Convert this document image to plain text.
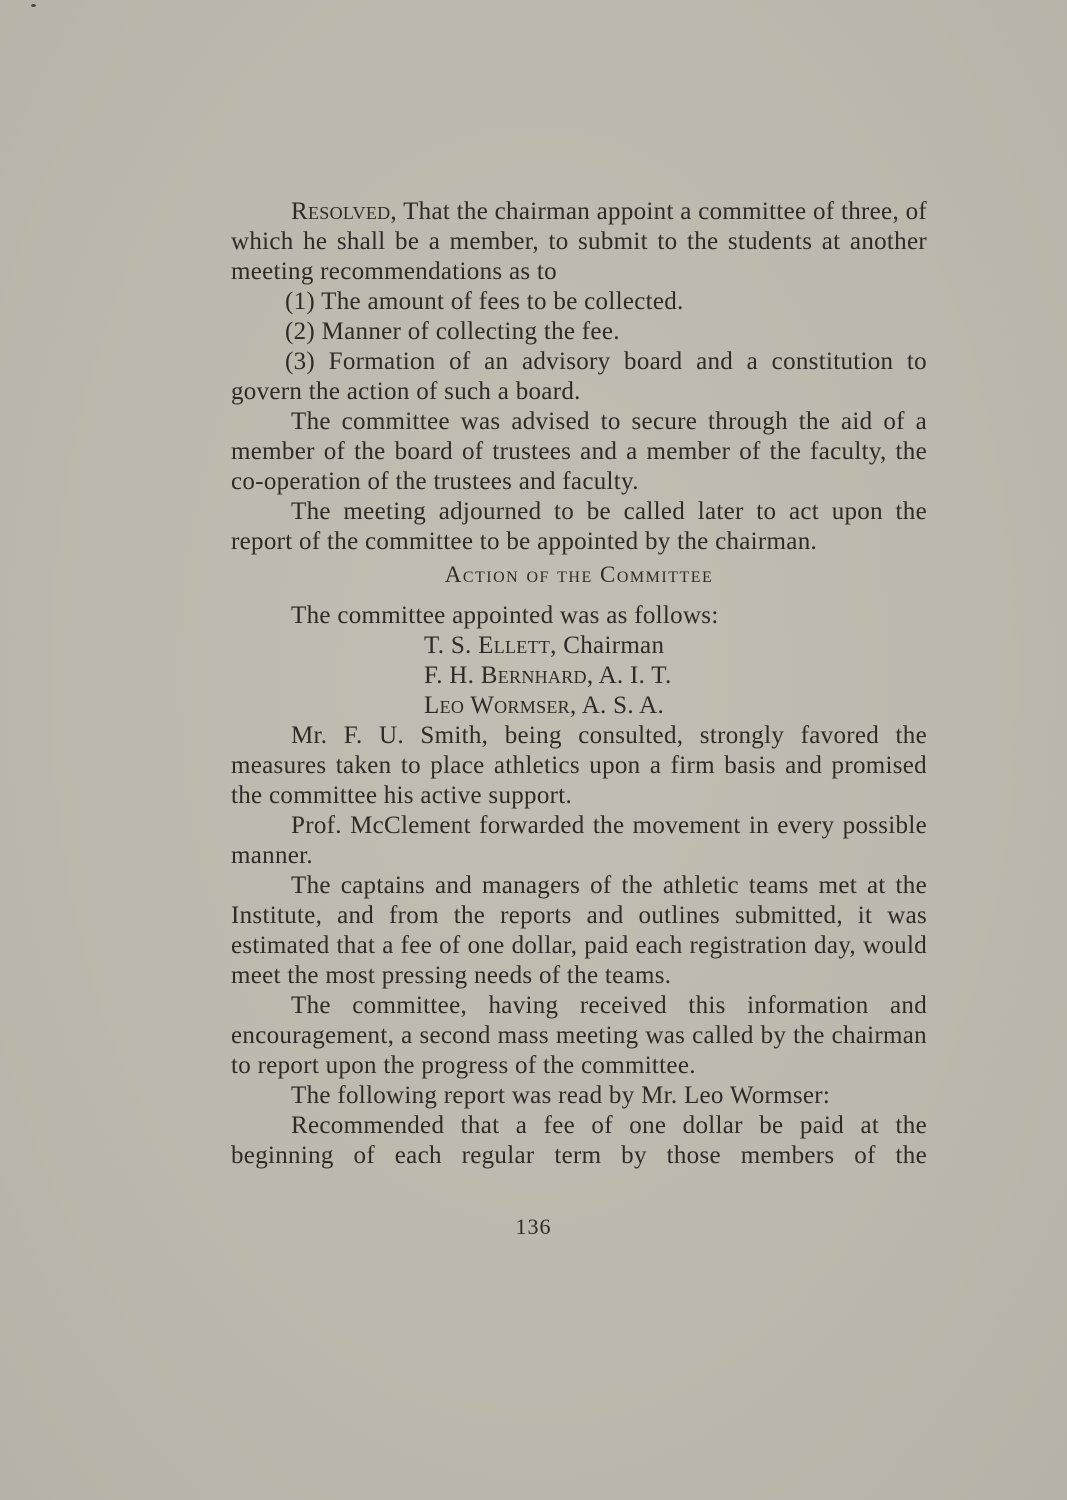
Resolved, That the chairman appoint a committee of three, of which he shall be a member, to submit to the students at another meeting recommendations as to

(1) The amount of fees to be collected.

(2) Manner of collecting the fee.

(3) Formation of an advisory board and a constitution to govern the action of such a board.

The committee was advised to secure through the aid of a member of the board of trustees and a member of the faculty, the co-operation of the trustees and faculty.

The meeting adjourned to be called later to act upon the report of the committee to be appointed by the chairman.

Action of the Committee

The committee appointed was as follows:

T. S. Ellett, Chairman
F. H. Bernhard, A. I. T.
Leo Wormser, A. S. A.

Mr. F. U. Smith, being consulted, strongly favored the measures taken to place athletics upon a firm basis and promised the committee his active support.

Prof. McClement forwarded the movement in every possible manner.

The captains and managers of the athletic teams met at the Institute, and from the reports and outlines submitted, it was estimated that a fee of one dollar, paid each registration day, would meet the most pressing needs of the teams.

The committee, having received this information and encouragement, a second mass meeting was called by the chairman to report upon the progress of the committee.

The following report was read by Mr. Leo Wormser:

Recommended that a fee of one dollar be paid at the beginning of each regular term by those members of the

136
